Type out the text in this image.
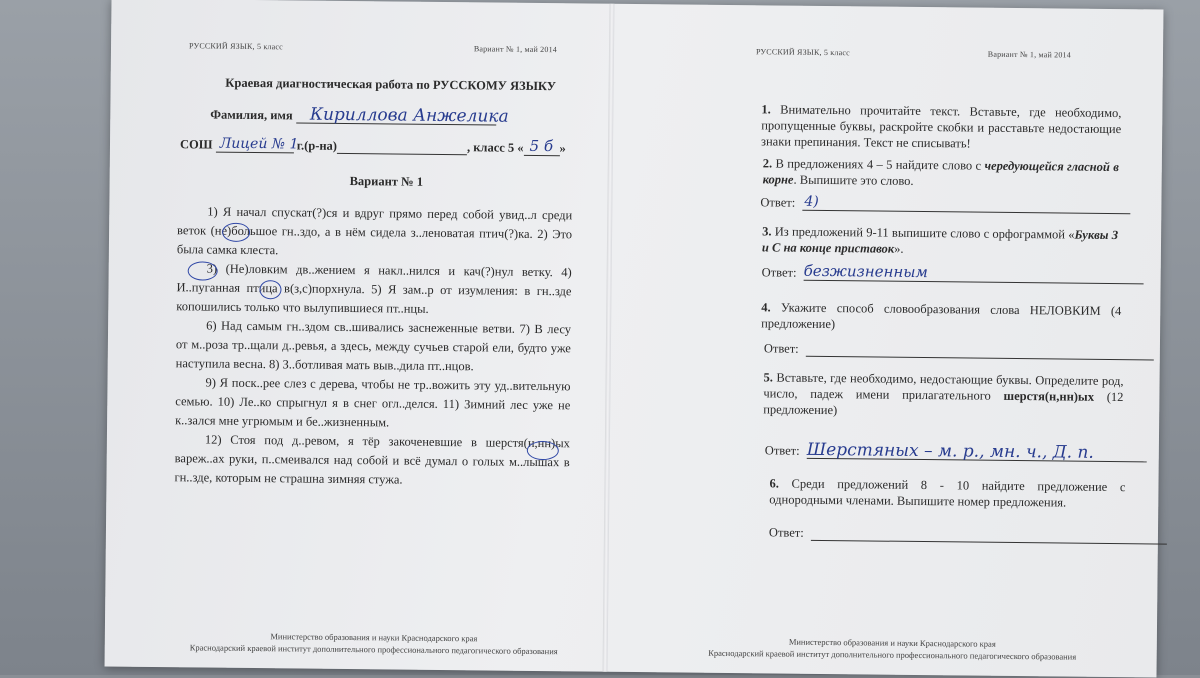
РУССКИЙ ЯЗЫК, 5 класс	Вариант № 1, май 2014
Краевая диагностическая работа по РУССКОМУ ЯЗЫКУ
Фамилия, имя Кириллова Анжелика
СОШ Лицей № 1
г.(р-на)	, класс 5 « 5 б »
Вариант № 1

1) Я начал спускат(?)ся и вдруг прямо перед собой увид..л среди веток (не)большое гн..здо, а в нём сидела з..леноватая птич(?)ка. 2) Это была самка клеста.

3) (Не)ловким дв..жением я накл..нился и кач(?)нул ветку. 4) И..пуганная птица в(з,с)порхнула. 5) Я зам..р от изумления: в гн..зде копошились только что вылупившиеся пт..нцы.

6) Над самым гн..здом св..шивались заснеженные ветви. 7) В лесу от м..роза тр..щали д..ревья, а здесь, между сучьев старой ели, будто уже наступила весна. 8) З..ботливая мать выв..дила пт..нцов.

9) Я поск..рее слез с дерева, чтобы не тр..вожить эту уд..вительную семью. 10) Ле..ко спрыгнул я в снег огл..делся. 11) Зимний лес уже не к..зался мне угрюмым и бе..жизненным.

12) Стоя под д..ревом, я тёр закоченевшие в шерстя(н,нн)ых вареж..ах руки, п..смеивался над собой и всё думал о голых м..лышах в гн..зде, которым не страшна зимняя стужа.

Министерство образования и науки Краснодарского края
Краснодарский краевой институт дополнительного профессионального педагогического образования
РУССКИЙ ЯЗЫК, 5 класс	Вариант № 1, май 2014
1. Внимательно прочитайте текст. Вставьте, где необходимо, пропущенные буквы, раскройте скобки и расставьте недостающие знаки препинания. Текст не списывать!
2. В предложениях 4 – 5 найдите слово с чередующейся гласной в корне. Выпишите это слово.
Ответ: 4)
3. Из предложений 9-11 выпишите слово с орфограммой «Буквы З и С на конце приставок».
Ответ: безжизненным
4. Укажите способ словообразования слова НЕЛОВКИМ (4 предложение)
Ответ:
5. Вставьте, где необходимо, недостающие буквы. Определите род, число, падеж имени прилагательного шерстя(н,нн)ых (12 предложение)
Ответ: Шерстяных – м. р., мн. ч., Д. п.
6. Среди предложений 8 - 10 найдите предложение с однородными членами. Выпишите номер предложения.
Ответ:
Министерство образования и науки Краснодарского края
Краснодарский краевой институт дополнительного профессионального педагогического образования
